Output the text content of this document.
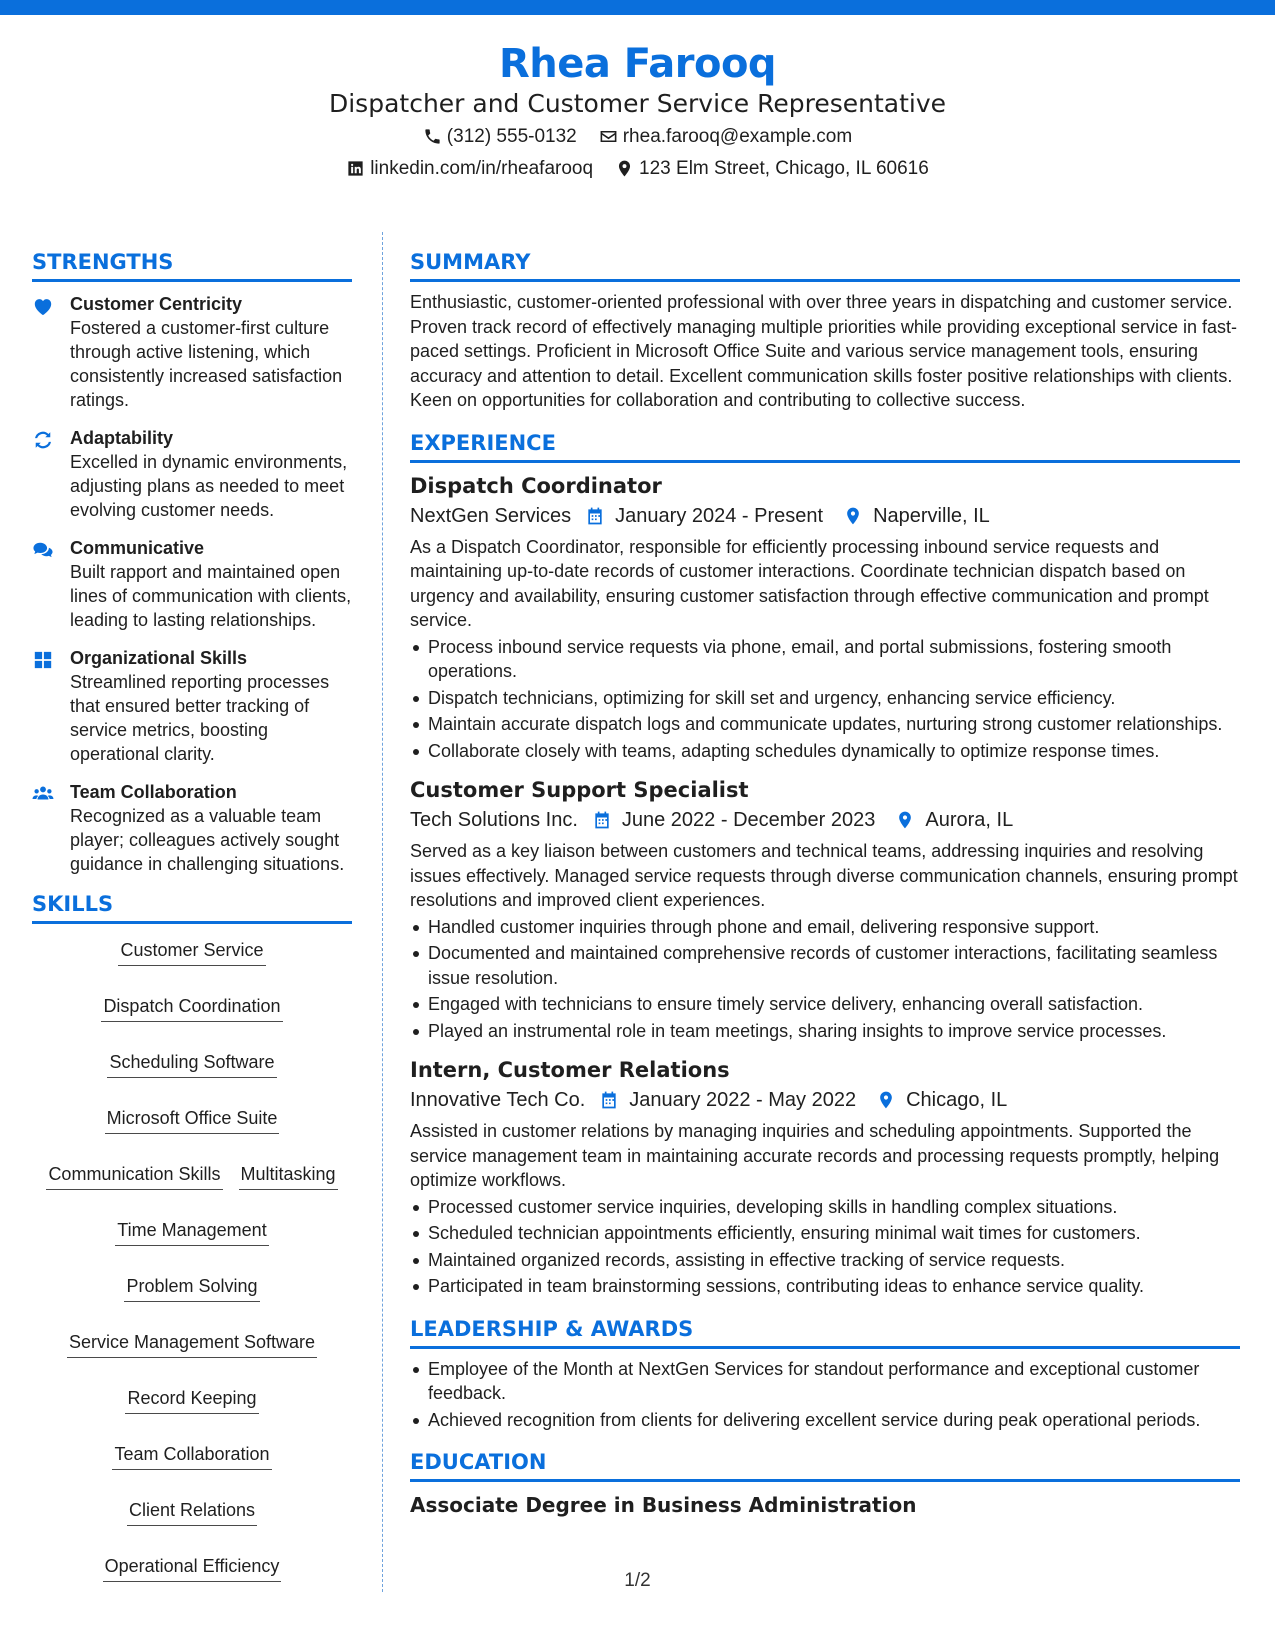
Rhea Farooq
Dispatcher and Customer Service Representative
(312) 555-0132 rhea.farooq@example.com
linkedin.com/in/rheafarooq 123 Elm Street, Chicago, IL 60616
STRENGTHS
Customer Centricity
Fostered a customer-first culture through active listening, which consistently increased satisfaction ratings.
Adaptability
Excelled in dynamic environments, adjusting plans as needed to meet evolving customer needs.
Communicative
Built rapport and maintained open lines of communication with clients, leading to lasting relationships.
Organizational Skills
Streamlined reporting processes that ensured better tracking of service metrics, boosting operational clarity.
Team Collaboration
Recognized as a valuable team player; colleagues actively sought guidance in challenging situations.
SKILLS
Customer Service
Dispatch Coordination
Scheduling Software
Microsoft Office Suite
Communication Skills Multitasking
Time Management
Problem Solving
Service Management Software
Record Keeping
Team Collaboration
Client Relations
Operational Efficiency
SUMMARY
Enthusiastic, customer-oriented professional with over three years in dispatching and customer service. Proven track record of effectively managing multiple priorities while providing exceptional service in fast-paced settings. Proficient in Microsoft Office Suite and various service management tools, ensuring accuracy and attention to detail. Excellent communication skills foster positive relationships with clients. Keen on opportunities for collaboration and contributing to collective success.
EXPERIENCE
Dispatch Coordinator
NextGen Services January 2024 - Present	Naperville, IL
As a Dispatch Coordinator, responsible for efficiently processing inbound service requests and maintaining up-to-date records of customer interactions. Coordinate technician dispatch based on urgency and availability, ensuring customer satisfaction through effective communication and prompt service.
Process inbound service requests via phone, email, and portal submissions, fostering smooth operations.
Dispatch technicians, optimizing for skill set and urgency, enhancing service efficiency.
Maintain accurate dispatch logs and communicate updates, nurturing strong customer relationships.
Collaborate closely with teams, adapting schedules dynamically to optimize response times.
Customer Support Specialist
Tech Solutions Inc. June 2022 - December 2023	Aurora, IL
Served as a key liaison between customers and technical teams, addressing inquiries and resolving issues effectively. Managed service requests through diverse communication channels, ensuring prompt resolutions and improved client experiences.
Handled customer inquiries through phone and email, delivering responsive support.
Documented and maintained comprehensive records of customer interactions, facilitating seamless issue resolution.
Engaged with technicians to ensure timely service delivery, enhancing overall satisfaction.
Played an instrumental role in team meetings, sharing insights to improve service processes.
Intern, Customer Relations
Innovative Tech Co. January 2022 - May 2022	Chicago, IL
Assisted in customer relations by managing inquiries and scheduling appointments. Supported the service management team in maintaining accurate records and processing requests promptly, helping optimize workflows.
Processed customer service inquiries, developing skills in handling complex situations.
Scheduled technician appointments efficiently, ensuring minimal wait times for customers.
Maintained organized records, assisting in effective tracking of service requests.
Participated in team brainstorming sessions, contributing ideas to enhance service quality.
LEADERSHIP & AWARDS
Employee of the Month at NextGen Services for standout performance and exceptional customer feedback.
Achieved recognition from clients for delivering excellent service during peak operational periods.
EDUCATION
Associate Degree in Business Administration
1/2
